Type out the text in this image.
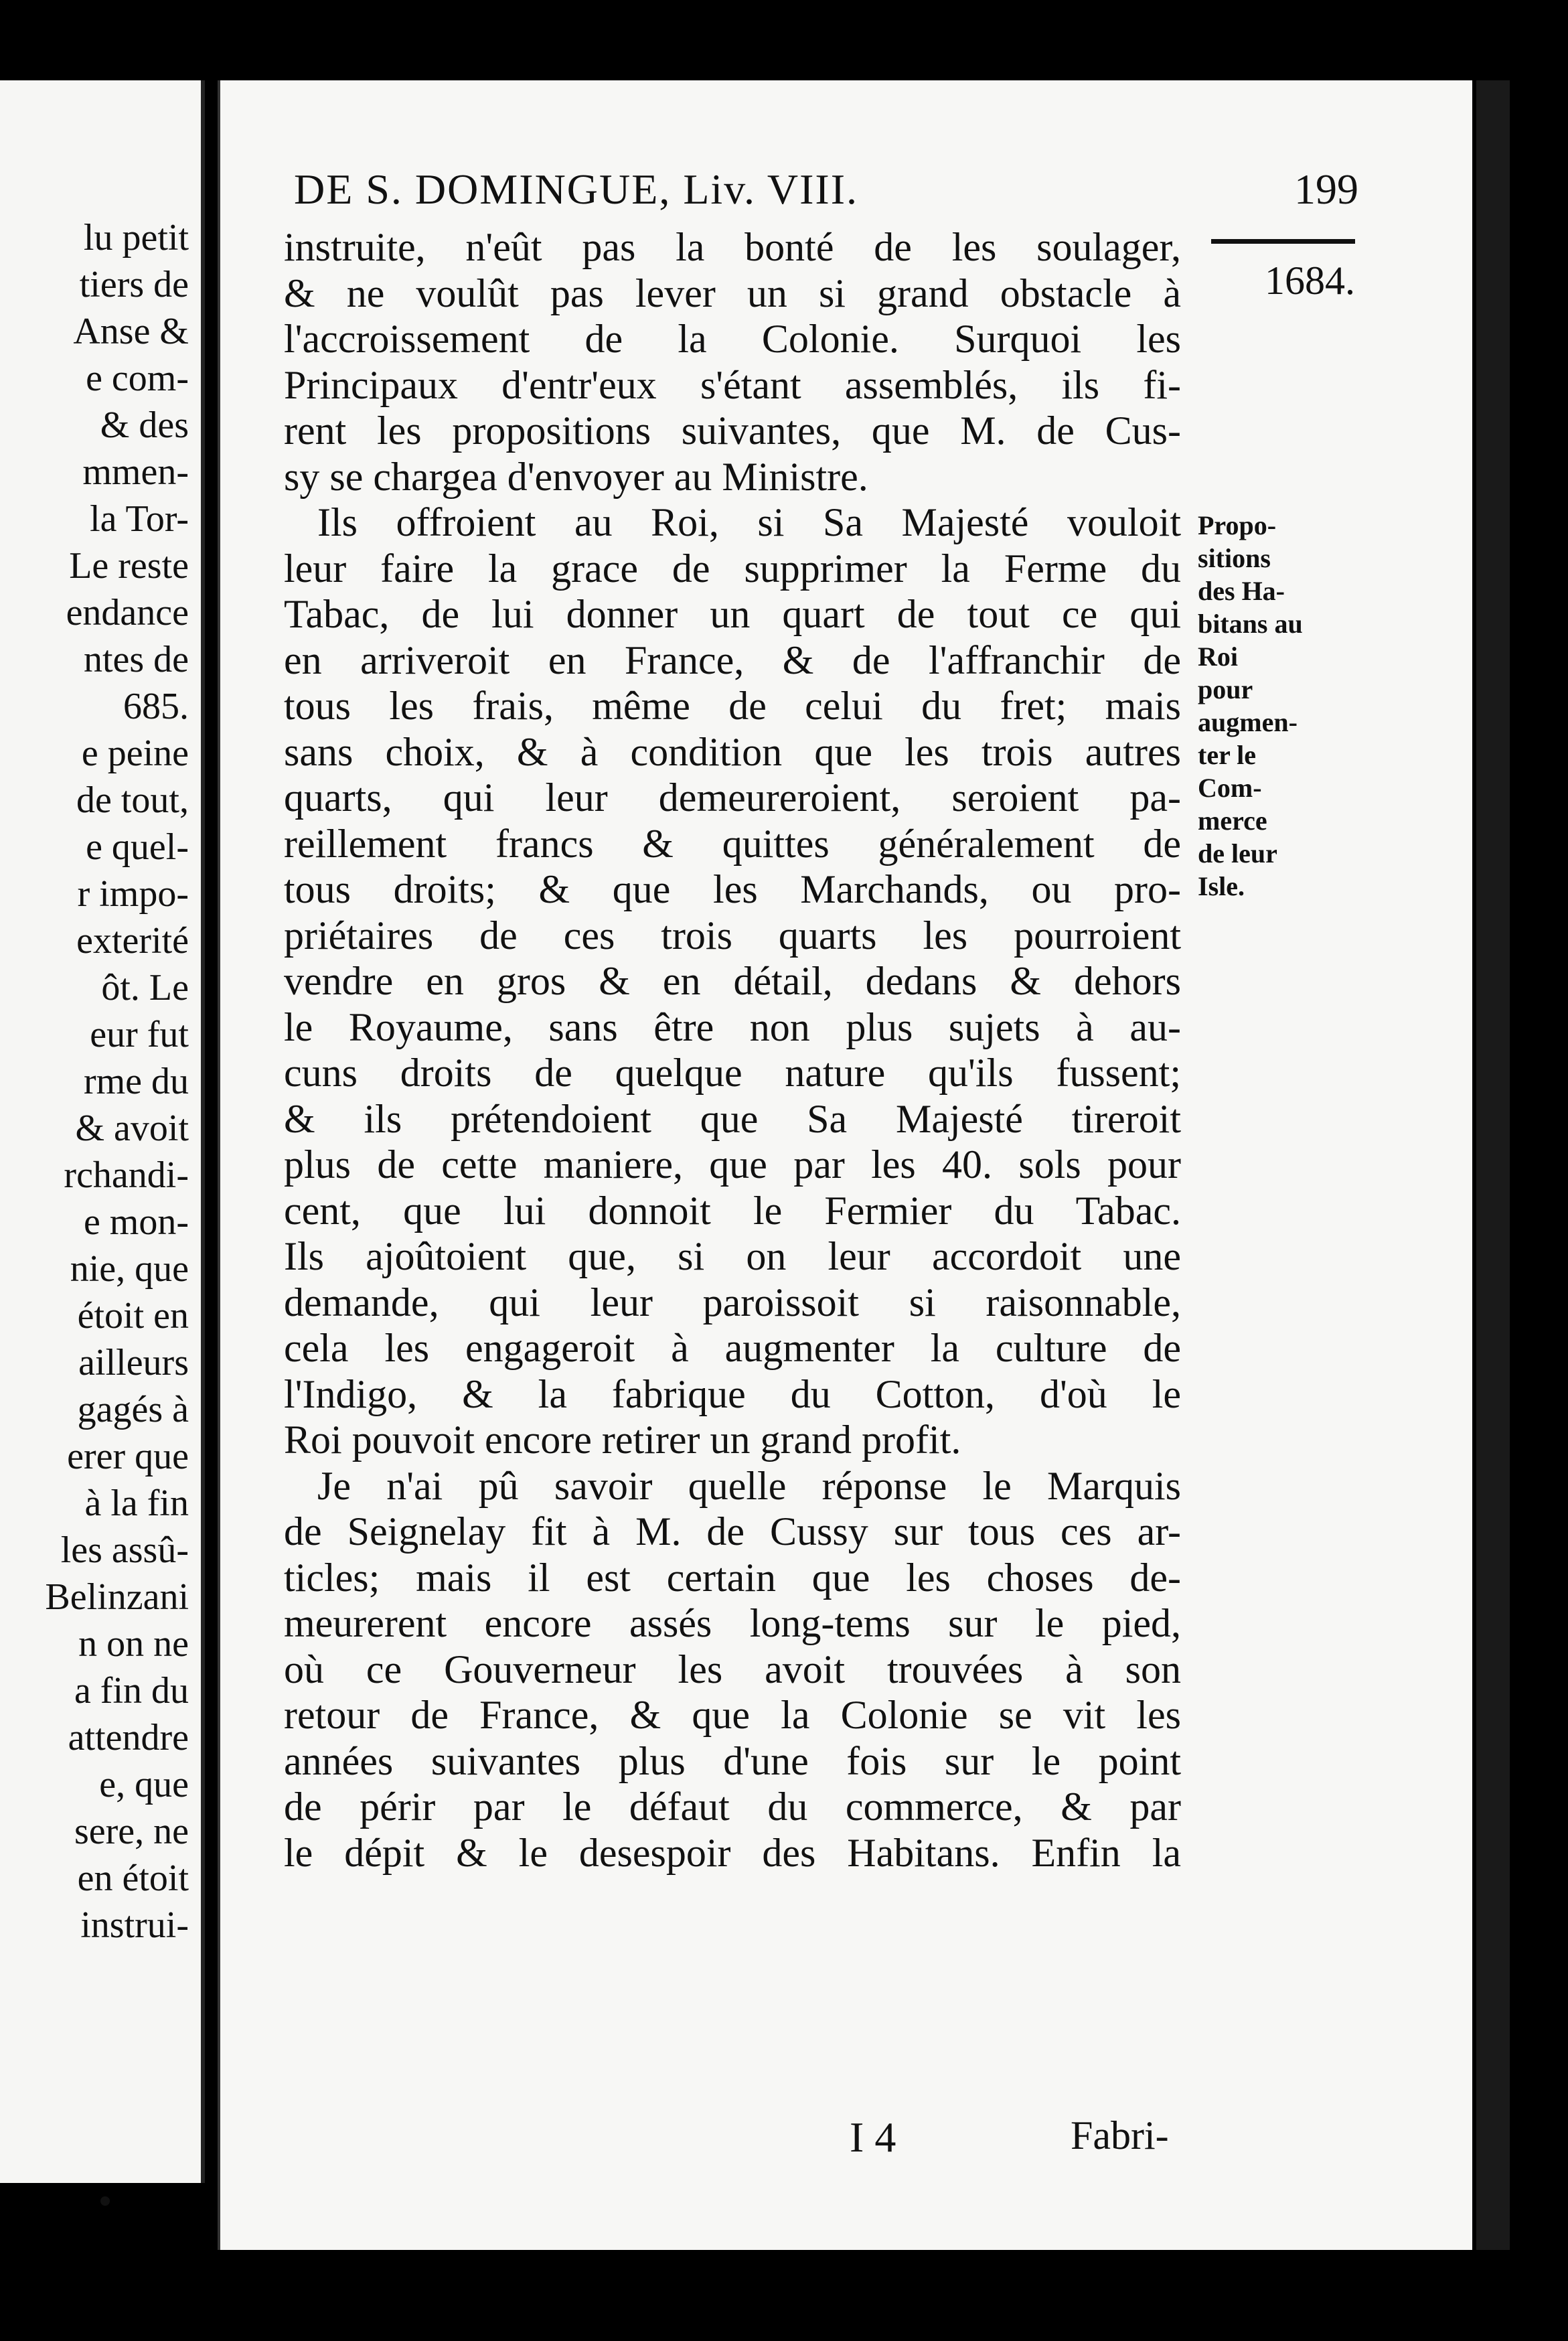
lu petit
tiers de
Anse &
e com-
& des
mmen-
la Tor-
Le reste
endance
ntes de
685.
e peine
de tout,
e quel-
r impo-
exterité
ôt. Le
eur fut
rme du
& avoit
rchandi-
e mon-
nie, que
étoit en
ailleurs
gagés à
erer que
à la fin
les assû-
Belinzani
n on ne
a fin du
attendre
e, que
sere, ne
en étoit
instrui-
DE S. DOMINGUE, Liv. VIII.	199
instruite, n'eût pas la bonté de les soulager,
& ne voulût pas lever un si grand obstacle à
l'accroissement de la Colonie. Surquoi les
Principaux d'entr'eux s'étant assemblés, ils fi-
rent les propositions suivantes, que M. de Cus-
sy se chargea d'envoyer au Ministre.
Ils offroient au Roi, si Sa Majesté vouloit
leur faire la grace de supprimer la Ferme du
Tabac, de lui donner un quart de tout ce qui
en arriveroit en France, & de l'affranchir de
tous les frais, même de celui du fret; mais
sans choix, & à condition que les trois autres
quarts, qui leur demeureroient, seroient pa-
reillement francs & quittes généralement de
tous droits; & que les Marchands, ou pro-
priétaires de ces trois quarts les pourroient
vendre en gros & en détail, dedans & dehors
le Royaume, sans être non plus sujets à au-
cuns droits de quelque nature qu'ils fussent;
& ils prétendoient que Sa Majesté tireroit
plus de cette maniere, que par les 40. sols pour
cent, que lui donnoit le Fermier du Tabac.
Ils ajoûtoient que, si on leur accordoit une
demande, qui leur paroissoit si raisonnable,
cela les engageroit à augmenter la culture de
l'Indigo, & la fabrique du Cotton, d'où le
Roi pouvoit encore retirer un grand profit.
Je n'ai pû savoir quelle réponse le Marquis
de Seignelay fit à M. de Cussy sur tous ces ar-
ticles; mais il est certain que les choses de-
meurerent encore assés long-tems sur le pied,
où ce Gouverneur les avoit trouvées à son
retour de France, & que la Colonie se vit les
années suivantes plus d'une fois sur le point
de périr par le défaut du commerce, & par
le dépit & le desespoir des Habitans. Enfin la
1684.
Propo-
sitions
des Ha-
bitans au
Roi
pour
augmen-
ter le
Com-
merce
de leur
Isle.
I 4	Fabri-
